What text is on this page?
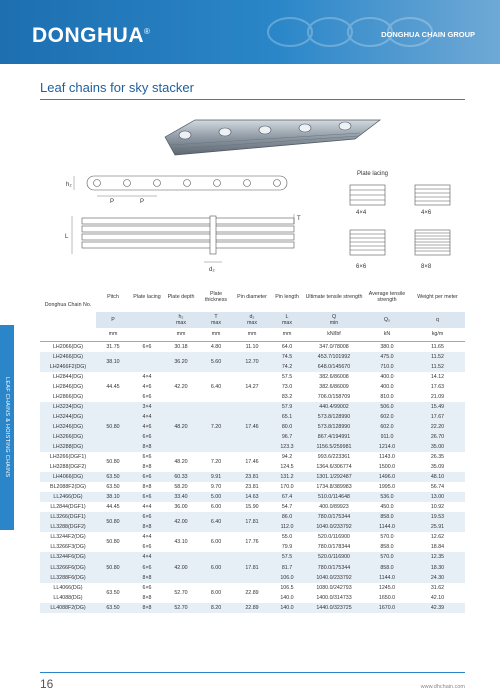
DONGHUA®	DONGHUA CHAIN GROUP
Leaf chains for sky stacker
LEAF CHAINS & HOISTING CHAINS
h₂
P	P
T
L
d₂
Plate lacing
4×4	4×6
6×6	8×8
Donghua Chain No.	Pitch	Plate lacing	Plate depth	Plate thickness	Pin diameter	Pin length	Ultimate tensile strength	Average tensile strength	Weight per meter
	P		h₂
max	T
max	d₂
max	L
max	Q
min	Q₀	q
	mm		mm	mm	mm	mm	kN/lbf	kN	kg/m
LH2066(DG)	31.75	6×6	30.18	4.80	11.10	64.0	347.0/78008	380.0	11.65
LH2466(DG)	38.10		36.20	5.60	12.70	74.5	453.7/101992	475.0	11.52
LH2466F2(DG)						74.2	648.0/145670	710.0	11.52
LH2844(DG)		4×4				57.5	382.6/86008	400.0	14.12
LH2846(DG)	44.45	4×6	42.20	6.40	14.27	73.0	382.6/86009	400.0	17.63
LH2866(DG)		6×6				83.2	706.0/158709	810.0	21.09
LH3234(DG)		3×4				57.9	440.4/99002	506.0	15.49
LH3244(DG)		4×4				65.1	573.8/128990	602.0	17.67
LH3246(DG)	50.80	4×6	48.20	7.20	17.46	80.0	573.8/128990	602.0	22.20
LH3266(DG)		6×6				96.7	867.4/194991	911.0	26.70
LH3288(DG)		8×8				123.3	1156.5/259981	1214.0	35.00
LH3266(DGF1)	50.80	6×6	48.20	7.20	17.46	94.2	993.6/223361	1143.0	26.35
LH3288(DGF2)		8×8				124.5	1364.6/306774	1500.0	35.09
LH4066(DG)	63.50	6×6	60.33	9.91	23.81	131.2	1301.1/292487	1496.0	48.10
BL2088F2(DG)	63.50	8×8	58.20	9.70	23.81	170.0	1734.8/389983	1995.0	56.74
LL2466(DG)	38.10	6×6	33.40	5.00	14.63	67.4	510.0/114648	536.0	13.00
LL2844(DGF1)	44.45	4×4	36.00	6.00	15.90	54.7	400.0/89923	450.0	10.92
LL3266(DGF1)	50.80	6×6	42.00	6.40	17.81	86.0	780.0/175344	858.0	19.53
LL3288(DGF2)		8×8				112.0	1040.0/233792	1144.0	25.91
LL3244F2(DG)	50.80	4×4	43.10	6.00	17.76	55.0	520.0/116900	570.0	12.62
LL3266F3(DG)		6×6				79.9	780.0/178344	858.0	18.84
LL3244F6(DG)		4×4				57.5	520.0/116900	570.0	12.35
LL3266F6(DG)	50.80	6×6	42.00	6.00	17.81	81.7	780.0/175344	858.0	18.30
LL3288F6(DG)		8×8				106.0	1040.0/233792	1144.0	24.30
LL4066(DG)	63.50	6×6	52.70	8.00	22.89	106.5	1080.0/242793	1245.0	31.62
LL4088(DG)		8×8				140.0	1400.0/314733	1650.0	42.10
LL4088F2(DG)	63.50	8×8	52.70	8.20	22.89	140.0	1440.0/323725	1670.0	42.39
16	www.dhchain.com
